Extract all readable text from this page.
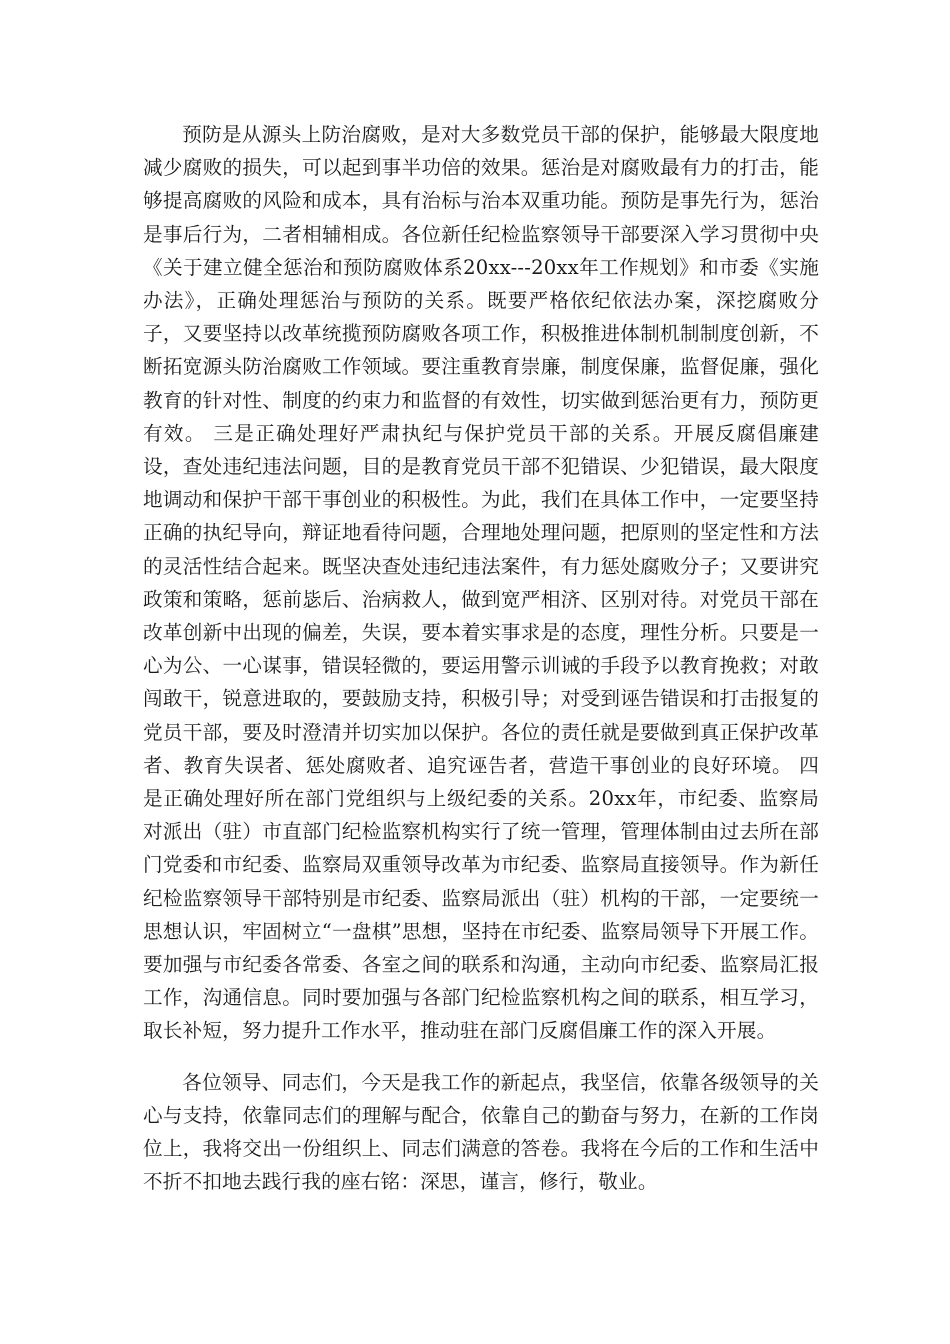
预防是从源头上防治腐败，是对大多数党员干部的保护，能够最大限度地减少腐败的损失，可以起到事半功倍的效果。惩治是对腐败最有力的打击，能够提高腐败的风险和成本，具有治标与治本双重功能。预防是事先行为，惩治是事后行为，二者相辅相成。各位新任纪检监察领导干部要深入学习贯彻中央《关于建立健全惩治和预防腐败体系20xx---20xx年工作规划》和市委《实施办法》，正确处理惩治与预防的关系。既要严格依纪依法办案，深挖腐败分子，又要坚持以改革统揽预防腐败各项工作，积极推进体制机制制度创新，不断拓宽源头防治腐败工作领域。要注重教育崇廉，制度保廉，监督促廉，强化教育的针对性、制度的约束力和监督的有效性，切实做到惩治更有力，预防更有效。 三是正确处理好严肃执纪与保护党员干部的关系。开展反腐倡廉建设，查处违纪违法问题，目的是教育党员干部不犯错误、少犯错误，最大限度地调动和保护干部干事创业的积极性。为此，我们在具体工作中，一定要坚持正确的执纪导向，辩证地看待问题，合理地处理问题，把原则的坚定性和方法的灵活性结合起来。既坚决查处违纪违法案件，有力惩处腐败分子；又要讲究政策和策略，惩前毖后、治病救人，做到宽严相济、区别对待。对党员干部在改革创新中出现的偏差，失误，要本着实事求是的态度，理性分析。只要是一心为公、一心谋事，错误轻微的，要运用警示训诫的手段予以教育挽救；对敢闯敢干，锐意进取的，要鼓励支持，积极引导；对受到诬告错误和打击报复的党员干部，要及时澄清并切实加以保护。各位的责任就是要做到真正保护改革者、教育失误者、惩处腐败者、追究诬告者，营造干事创业的良好环境。 四是正确处理好所在部门党组织与上级纪委的关系。20xx年，市纪委、监察局对派出（驻）市直部门纪检监察机构实行了统一管理，管理体制由过去所在部门党委和市纪委、监察局双重领导改革为市纪委、监察局直接领导。作为新任纪检监察领导干部特别是市纪委、监察局派出（驻）机构的干部，一定要统一思想认识，牢固树立“一盘棋”思想，坚持在市纪委、监察局领导下开展工作。要加强与市纪委各常委、各室之间的联系和沟通，主动向市纪委、监察局汇报工作，沟通信息。同时要加强与各部门纪检监察机构之间的联系，相互学习，取长补短，努力提升工作水平，推动驻在部门反腐倡廉工作的深入开展。

各位领导、同志们，今天是我工作的新起点，我坚信，依靠各级领导的关心与支持，依靠同志们的理解与配合，依靠自己的勤奋与努力，在新的工作岗位上，我将交出一份组织上、同志们满意的答卷。我将在今后的工作和生活中不折不扣地去践行我的座右铭：深思，谨言，修行，敬业。
